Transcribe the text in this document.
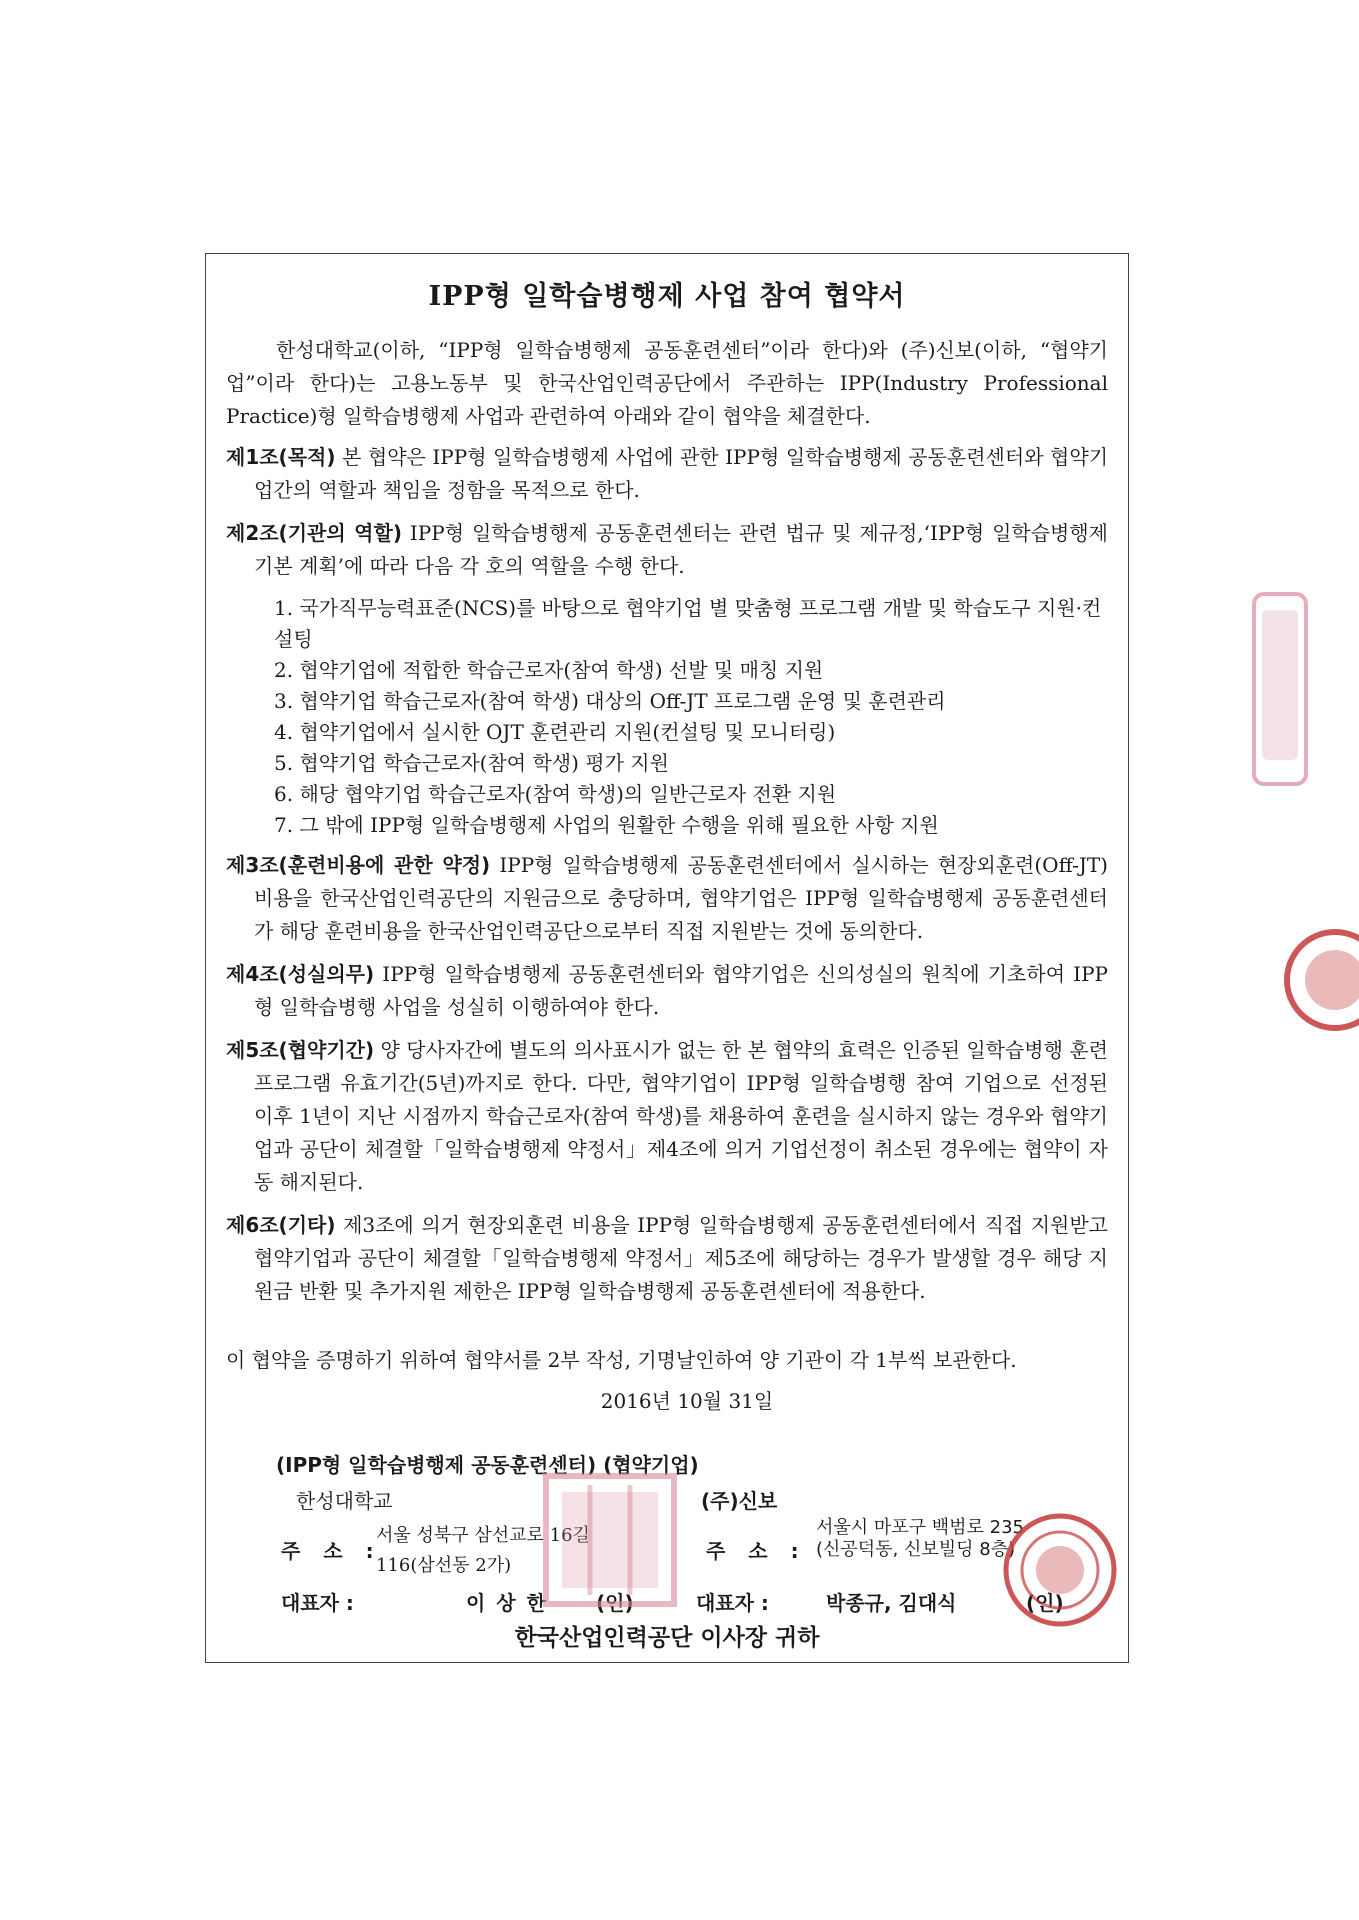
IPP형 일학습병행제 사업 참여 협약서

한성대학교(이하, “IPP형 일학습병행제 공동훈련센터”이라 한다)와 (주)신보(이하, “협약기업”이라 한다)는 고용노동부 및 한국산업인력공단에서 주관하는 IPP(Industry Professional Practice)형 일학습병행제 사업과 관련하여 아래와 같이 협약을 체결한다.

제1조(목적) 본 협약은 IPP형 일학습병행제 사업에 관한 IPP형 일학습병행제 공동훈련센터와 협약기업간의 역할과 책임을 정함을 목적으로 한다.

제2조(기관의 역할) IPP형 일학습병행제 공동훈련센터는 관련 법규 및 제규정,‘IPP형 일학습병행제 기본 계획’에 따라 다음 각 호의 역할을 수행 한다.

1. 국가직무능력표준(NCS)를 바탕으로 협약기업 별 맞춤형 프로그램 개발 및 학습도구 지원·컨설팅
2. 협약기업에 적합한 학습근로자(참여 학생) 선발 및 매칭 지원
3. 협약기업 학습근로자(참여 학생) 대상의 Off-JT 프로그램 운영 및 훈련관리
4. 협약기업에서 실시한 OJT 훈련관리 지원(컨설팅 및 모니터링)
5. 협약기업 학습근로자(참여 학생) 평가 지원
6. 해당 협약기업 학습근로자(참여 학생)의 일반근로자 전환 지원
7. 그 밖에 IPP형 일학습병행제 사업의 원활한 수행을 위해 필요한 사항 지원

제3조(훈련비용에 관한 약정) IPP형 일학습병행제 공동훈련센터에서 실시하는 현장외훈련(Off-JT) 비용을 한국산업인력공단의 지원금으로 충당하며, 협약기업은 IPP형 일학습병행제 공동훈련센터가 해당 훈련비용을 한국산업인력공단으로부터 직접 지원받는 것에 동의한다.

제4조(성실의무) IPP형 일학습병행제 공동훈련센터와 협약기업은 신의성실의 원칙에 기초하여 IPP형 일학습병행 사업을 성실히 이행하여야 한다.

제5조(협약기간) 양 당사자간에 별도의 의사표시가 없는 한 본 협약의 효력은 인증된 일학습병행 훈련프로그램 유효기간(5년)까지로 한다. 다만, 협약기업이 IPP형 일학습병행 참여 기업으로 선정된 이후 1년이 지난 시점까지 학습근로자(참여 학생)를 채용하여 훈련을 실시하지 않는 경우와 협약기업과 공단이 체결할「일학습병행제 약정서」제4조에 의거 기업선정이 취소된 경우에는 협약이 자동 해지된다.

제6조(기타) 제3조에 의거 현장외훈련 비용을 IPP형 일학습병행제 공동훈련센터에서 직접 지원받고 협약기업과 공단이 체결할「일학습병행제 약정서」제5조에 해당하는 경우가 발생할 경우 해당 지원금 반환 및 추가지원 제한은 IPP형 일학습병행제 공동훈련센터에 적용한다.

이 협약을 증명하기 위하여 협약서를 2부 작성, 기명날인하여 양 기관이 각 1부씩 보관한다.

2016년 10월 31일
(IPP형 일학습병행제 공동훈련센터) (협약기업)
한성대학교	(주)신보
주 소 :
서울 성북구 삼선교로 16길
116(삼선동 2가)
주 소 :
서울시 마포구 백범로 235
(신공덕동, 신보빌딩 8층)
대표자 :	이 상 한 (인)	대표자 :	박종규, 김대식	(인)
한국산업인력공단 이사장 귀하
